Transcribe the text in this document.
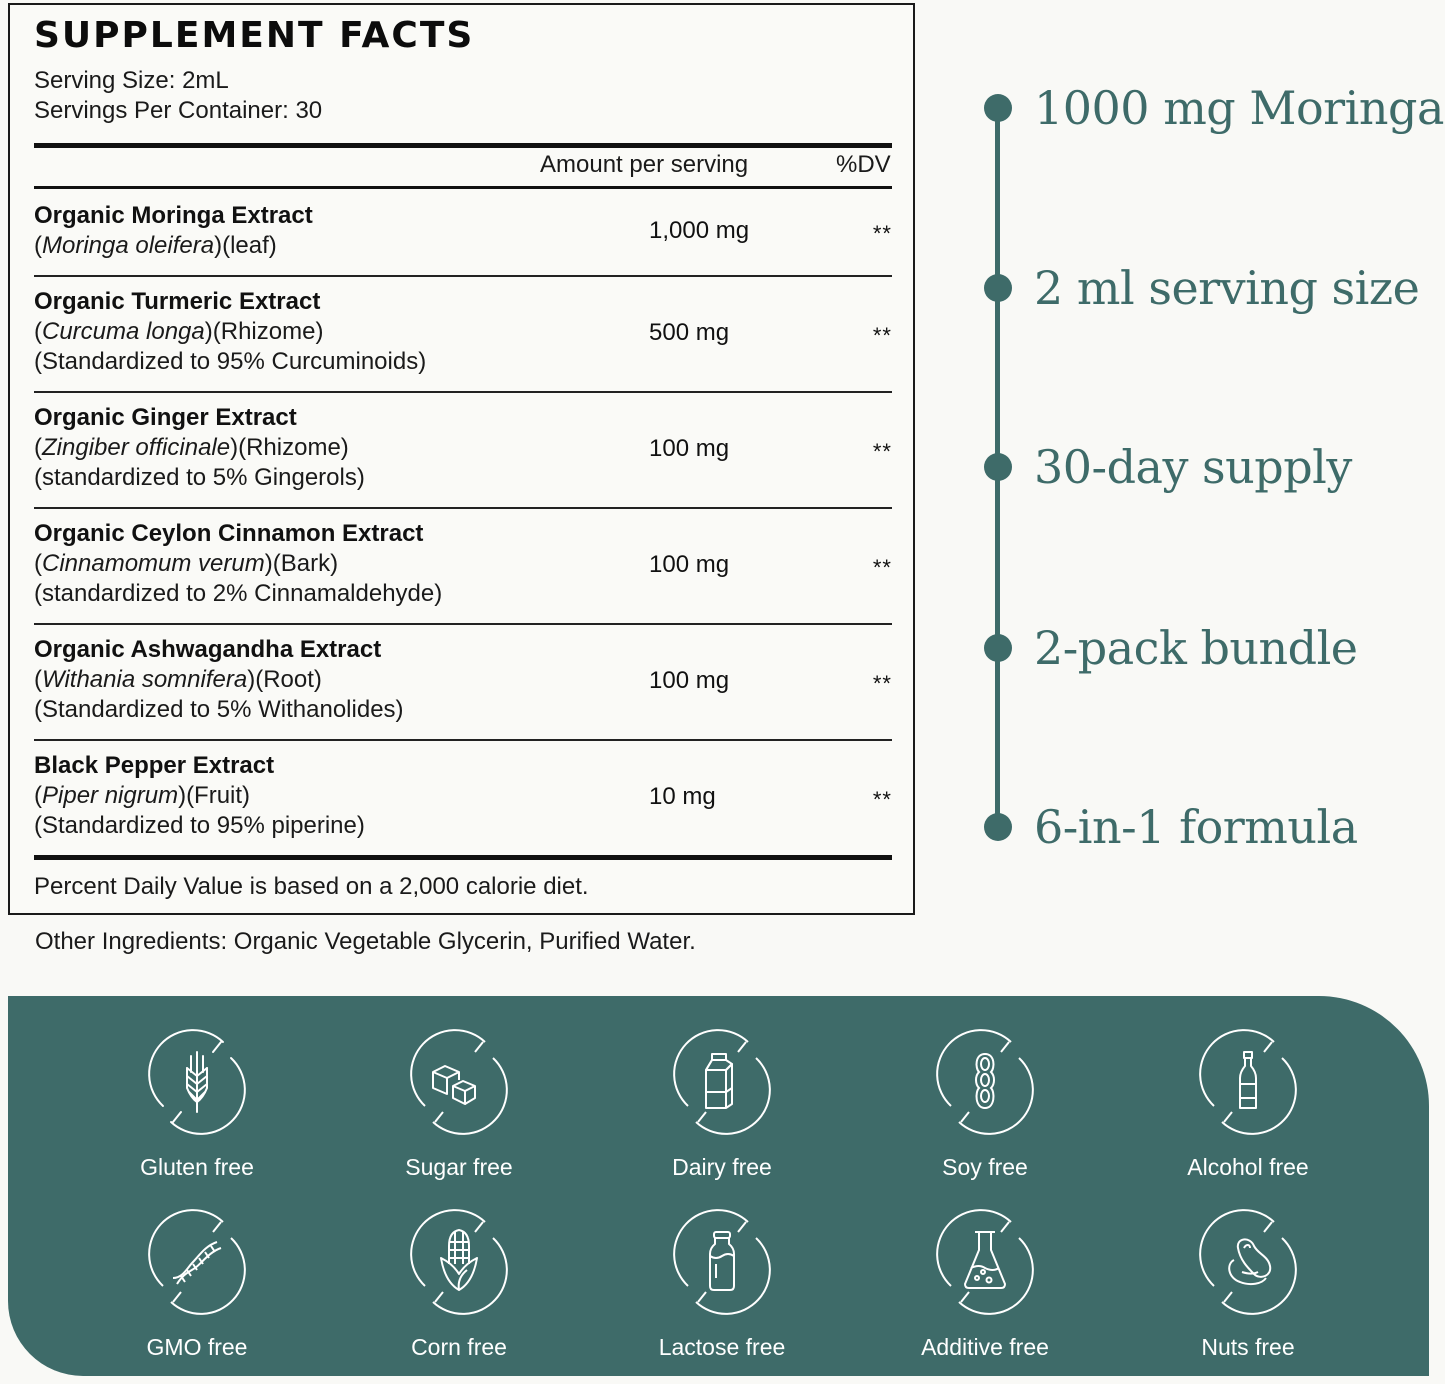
SUPPLEMENT FACTS
Serving Size: 2mL
Servings Per Container: 30
Amount per serving	%DV
Organic Moringa Extract
(Moringa oleifera)(leaf)
1,000 mg	**
Organic Turmeric Extract
(Curcuma longa)(Rhizome)
(Standardized to 95% Curcuminoids)
500 mg	**
Organic Ginger Extract
(Zingiber officinale)(Rhizome)
(standardized to 5% Gingerols)
100 mg	**
Organic Ceylon Cinnamon Extract
(Cinnamomum verum)(Bark)
(standardized to 2% Cinnamaldehyde)
100 mg	**
Organic Ashwagandha Extract
(Withania somnifera)(Root)
(Standardized to 5% Withanolides)
100 mg	**
Black Pepper Extract
(Piper nigrum)(Fruit)
(Standardized to 95% piperine)
10 mg	**
Percent Daily Value is based on a 2,000 calorie diet.
Other Ingredients: Organic Vegetable Glycerin, Purified Water.
1000 mg Moringa
2 ml serving size
30-day supply
2-pack bundle
6-in-1 formula
Gluten free	Sugar free	Dairy free	Soy free	Alcohol free
GMO free	Corn free	Lactose free	Additive free	Nuts free
